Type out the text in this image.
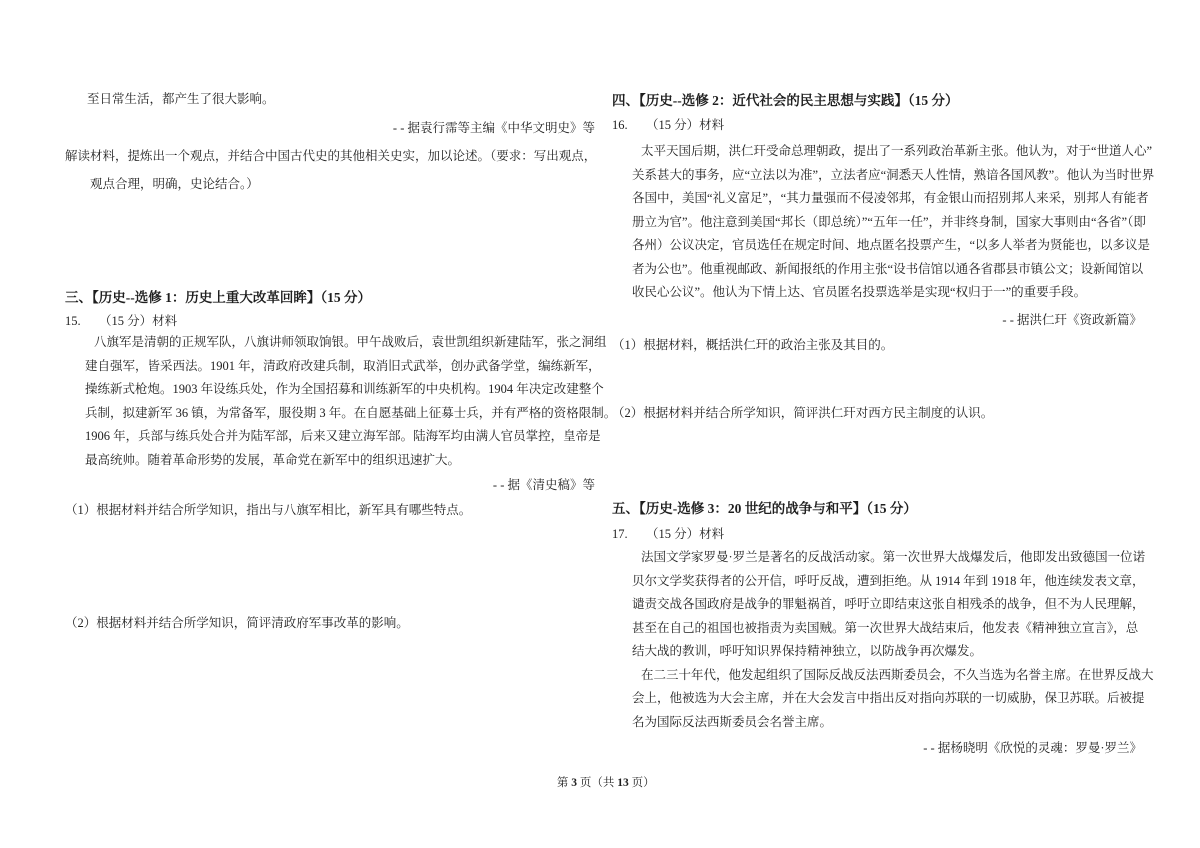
至日常生活，都产生了很大影响。
- - 据袁行霈等主编《中华文明史》等
解读材料，提炼出一个观点，并结合中国古代史的其他相关史实，加以论述。（要求：写出观点，
观点合理，明确，史论结合。）
三、【历史--选修 1：历史上重大改革回眸】（15 分）
15.	（15 分）材料
八旗军是清朝的正规军队，八旗讲师领取饷银。甲午战败后，袁世凯组织新建陆军，张之洞组
建自强军，皆采西法。1901 年，清政府改建兵制，取消旧式武举，创办武备学堂，编练新军，
操练新式枪炮。1903 年设练兵处，作为全国招募和训练新军的中央机构。1904 年决定改建整个
兵制，拟建新军 36 镇，为常备军，服役期 3 年。在自愿基础上征募士兵，并有严格的资格限制。
1906 年，兵部与练兵处合并为陆军部，后来又建立海军部。陆海军均由满人官员掌控，皇帝是
最高统帅。随着革命形势的发展，革命党在新军中的组织迅速扩大。
- - 据《清史稿》等
（1）根据材料并结合所学知识，指出与八旗军相比，新军具有哪些特点。
（2）根据材料并结合所学知识，简评清政府军事改革的影响。
四、【历史--选修 2：近代社会的民主思想与实践】（15 分）
16.	（15 分）材料
太平天国后期，洪仁玕受命总理朝政，提出了一系列政治革新主张。他认为，对于“世道人心”
关系甚大的事务，应“立法以为准”，立法者应“洞悉天人性情，熟谙各国风教”。他认为当时世界
各国中，美国“礼义富足”，“其力量强而不侵凌邻邦，有金银山而招别邦人来采，别邦人有能者
册立为官”。他注意到美国“邦长（即总统）”“五年一任”，并非终身制，国家大事则由“各省”（即
各州）公议决定，官员选任在规定时间、地点匿名投票产生，“以多人举者为贤能也，以多议是
者为公也”。他重视邮政、新闻报纸的作用主张“设书信馆以通各省郡县市镇公文；设新闻馆以
收民心公议”。他认为下情上达、官员匿名投票选举是实现“权归于一”的重要手段。
- - 据洪仁玕《资政新篇》
（1）根据材料，概括洪仁玕的政治主张及其目的。
（2）根据材料并结合所学知识，简评洪仁玕对西方民主制度的认识。
五、【历史-选修 3：20 世纪的战争与和平】（15 分）
17.	（15 分）材料
法国文学家罗曼·罗兰是著名的反战活动家。第一次世界大战爆发后，他即发出致德国一位诺
贝尔文学奖获得者的公开信，呼吁反战，遭到拒绝。从 1914 年到 1918 年，他连续发表文章，
谴责交战各国政府是战争的罪魁祸首，呼吁立即结束这张自相残杀的战争，但不为人民理解，
甚至在自己的祖国也被指责为卖国贼。第一次世界大战结束后，他发表《精神独立宣言》，总
结大战的教训，呼吁知识界保持精神独立，以防战争再次爆发。
在二三十年代，他发起组织了国际反战反法西斯委员会，不久当选为名誉主席。在世界反战大
会上，他被选为大会主席，并在大会发言中指出反对指向苏联的一切威胁，保卫苏联。后被提
名为国际反法西斯委员会名誉主席。
- - 据杨晓明《欣悦的灵魂：罗曼·罗兰》

第 3 页（共 13 页）
